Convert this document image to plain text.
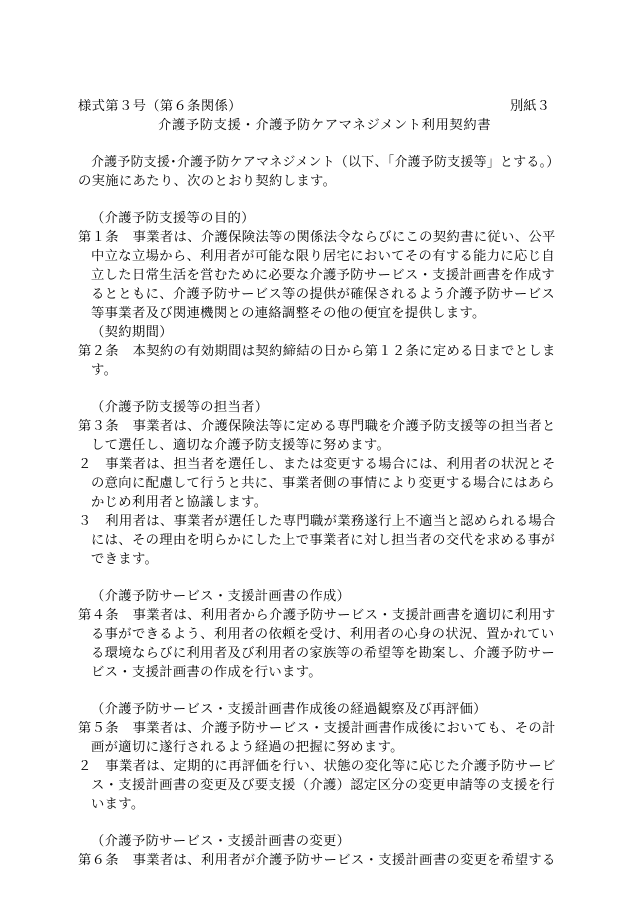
様式第３号（第６条関係）	別紙３
介護予防支援・介護予防ケアマネジメント利用契約書
介護予防支援･介護予防ケアマネジメント（以下、「介護予防支援等」とする。）
の実施にあたり、次のとおり契約します。
（介護予防支援等の目的）
第１条　事業者は、介護保険法等の関係法令ならびにこの契約書に従い、公平
中立な立場から、利用者が可能な限り居宅においてその有する能力に応じ自
立した日常生活を営むために必要な介護予防サービス・支援計画書を作成す
るとともに、介護予防サービス等の提供が確保されるよう介護予防サービス
等事業者及び関連機関との連絡調整その他の便宜を提供します。
（契約期間）
第２条　本契約の有効期間は契約締結の日から第１２条に定める日までとしま
す。
（介護予防支援等の担当者）
第３条　事業者は、介護保険法等に定める専門職を介護予防支援等の担当者と
して選任し、適切な介護予防支援等に努めます。
２　事業者は、担当者を選任し、または変更する場合には、利用者の状況とそ
の意向に配慮して行うと共に、事業者側の事情により変更する場合にはあら
かじめ利用者と協議します。
３　利用者は、事業者が選任した専門職が業務遂行上不適当と認められる場合
には、その理由を明らかにした上で事業者に対し担当者の交代を求める事が
できます。
（介護予防サービス・支援計画書の作成）
第４条　事業者は、利用者から介護予防サービス・支援計画書を適切に利用す
る事ができるよう、利用者の依頼を受け、利用者の心身の状況、置かれてい
る環境ならびに利用者及び利用者の家族等の希望等を勘案し、介護予防サー
ビス・支援計画書の作成を行います。
（介護予防サービス・支援計画書作成後の経過観察及び再評価）
第５条　事業者は、介護予防サービス・支援計画書作成後においても、その計
画が適切に遂行されるよう経過の把握に努めます。
２　事業者は、定期的に再評価を行い、状態の変化等に応じた介護予防サービ
ス・支援計画書の変更及び要支援（介護）認定区分の変更申請等の支援を行
います。
（介護予防サービス・支援計画書の変更）
第６条　事業者は、利用者が介護予防サービス・支援計画書の変更を希望する
